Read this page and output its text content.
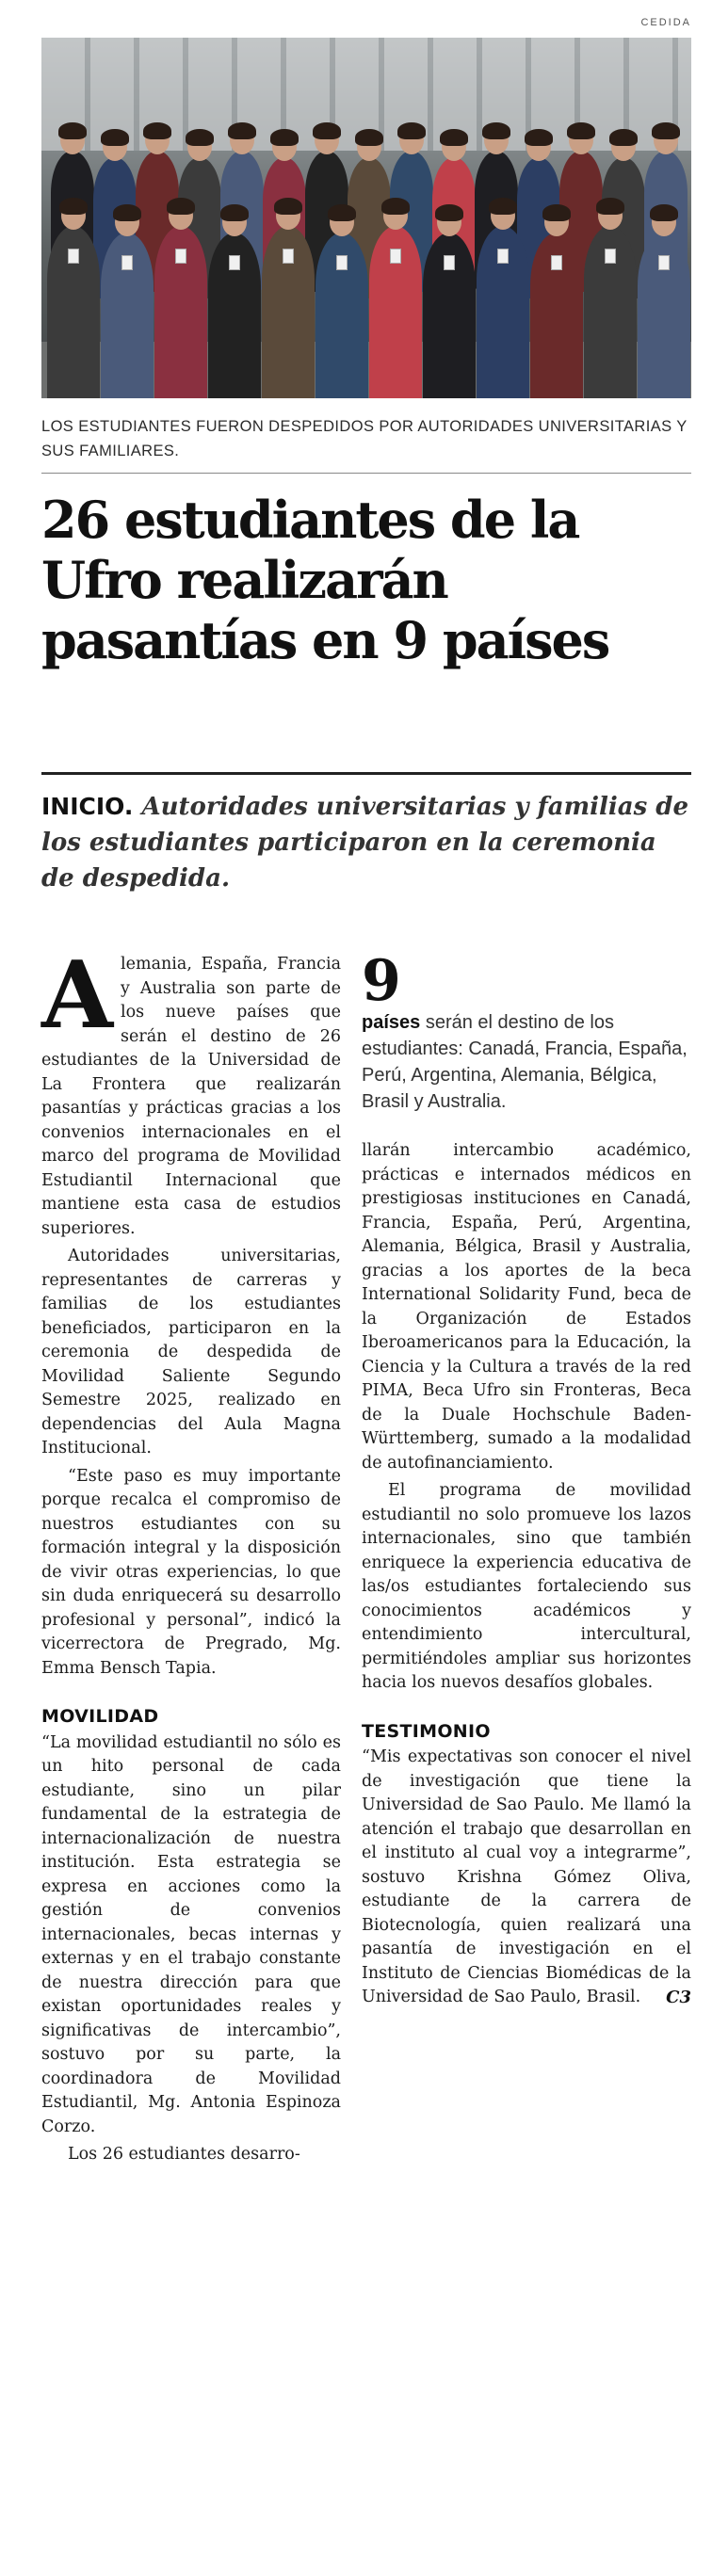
CEDIDA
LOS ESTUDIANTES FUERON DESPEDIDOS POR AUTORIDADES UNIVERSITARIAS Y SUS FAMILIARES.
26 estudiantes de la Ufro realizarán pasantías en 9 países
INICIO. Autoridades universitarias y familias de los estudiantes participaron en la ceremonia de despedida.

Alemania, España, Francia y Australia son parte de los nueve países que serán el destino de 26 estudiantes de la Universidad de La Frontera que realizarán pasantías y prácticas gracias a los convenios internacionales en el marco del programa de Movilidad Estudiantil Internacional que mantiene esta casa de estudios superiores.

Autoridades universitarias, representantes de carreras y familias de los estudiantes beneficiados, participaron en la ceremonia de despedida de Movilidad Saliente Segundo Semestre 2025, realizado en dependencias del Aula Magna Institucional.

“Este paso es muy importante porque recalca el compromiso de nuestros estudiantes con su formación integral y la disposición de vivir otras experiencias, lo que sin duda enriquecerá su desarrollo profesional y personal”, indicó la vicerrectora de Pregrado, Mg. Emma Bensch Tapia.

MOVILIDAD

“La movilidad estudiantil no sólo es un hito personal de cada estudiante, sino un pilar fundamental de la estrategia de internacionalización de nuestra institución. Esta estrategia se expresa en acciones como la gestión de convenios internacionales, becas internas y externas y en el trabajo constante de nuestra dirección para que existan oportunidades reales y significativas de intercambio”, sostuvo por su parte, la coordinadora de Movilidad Estudiantil, Mg. Antonia Espinoza Corzo.

Los 26 estudiantes desarro-

9
países serán el destino de los estudiantes: Canadá, Francia, España, Perú, Argentina, Alemania, Bélgica, Brasil y Australia.

llarán intercambio académico, prácticas e internados médicos en prestigiosas instituciones en Canadá, Francia, España, Perú, Argentina, Alemania, Bélgica, Brasil y Australia, gracias a los aportes de la beca International Solidarity Fund, beca de la Organización de Estados Iberoamericanos para la Educación, la Ciencia y la Cultura a través de la red PIMA, Beca Ufro sin Fronteras, Beca de la Duale Hochschule Baden-Württemberg, sumado a la modalidad de autofinanciamiento.

El programa de movilidad estudiantil no solo promueve los lazos internacionales, sino que también enriquece la experiencia educativa de las/os estudiantes fortaleciendo sus conocimientos académicos y entendimiento intercultural, permitiéndoles ampliar sus horizontes hacia los nuevos desafíos globales.

TESTIMONIO

“Mis expectativas son conocer el nivel de investigación que tiene la Universidad de Sao Paulo. Me llamó la atención el trabajo que desarrollan en el instituto al cual voy a integrarme”, sostuvo Krishna Gómez Oliva, estudiante de la carrera de Biotecnología, quien realizará una pasantía de investigación en el Instituto de Ciencias Biomédicas de la Universidad de Sao Paulo, Brasil. C3
